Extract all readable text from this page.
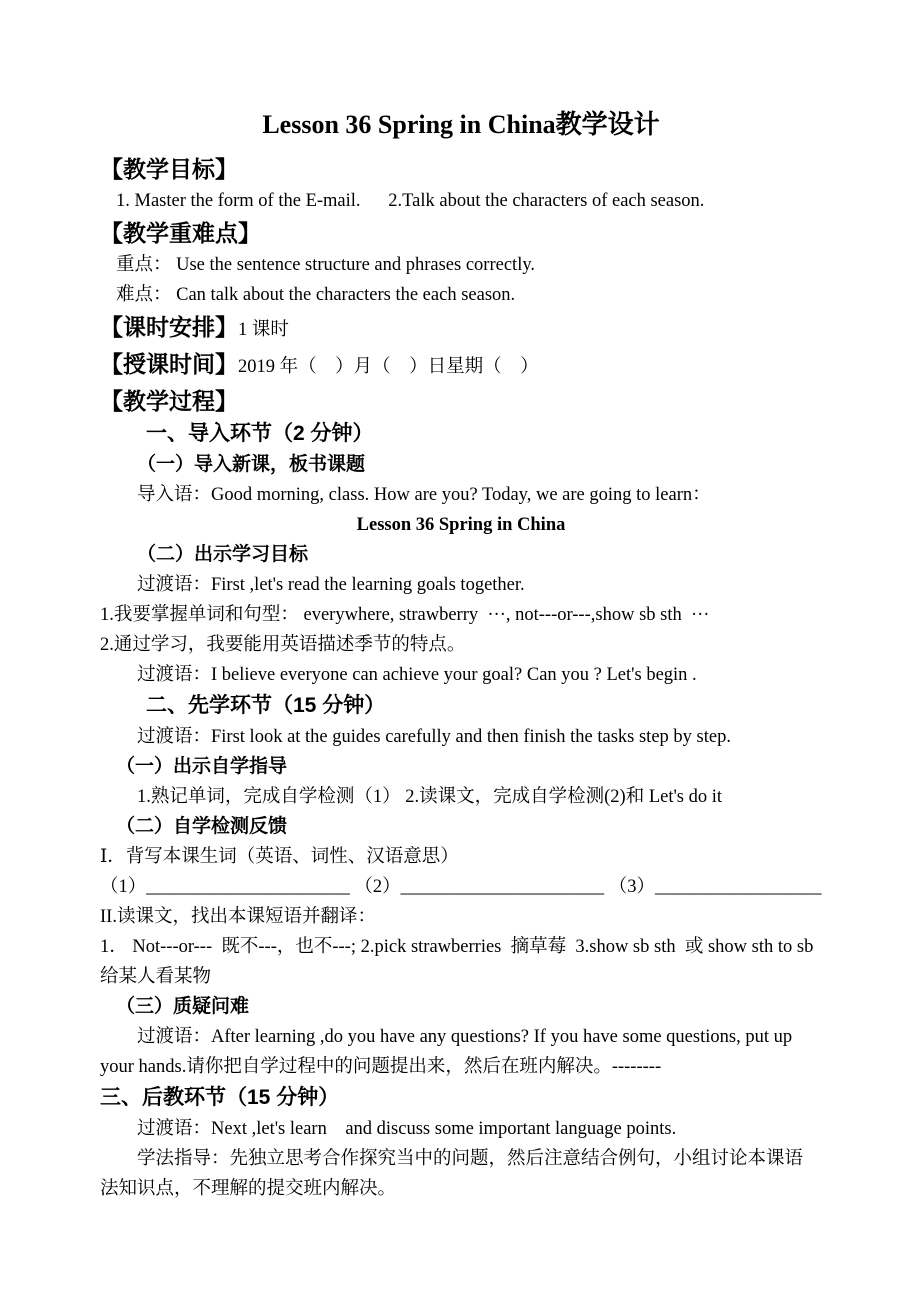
Lesson 36 Spring in China教学设计

【教学目标】

1. Master the form of the E-mail.      2.Talk about the characters of each season.

【教学重难点】

重点： Use the sentence structure and phrases correctly.

难点： Can talk about the characters the each season.

【课时安排】1 课时

【授课时间】2019 年（    ）月（    ）日星期（    ）

【教学过程】

一、导入环节（2 分钟）

（一）导入新课，板书课题

导入语：Good morning, class. How are you? Today, we are going to learn：

Lesson 36 Spring in China

（二）出示学习目标

过渡语：First ,let's read the learning goals together.

1.我要掌握单词和句型： everywhere, strawberry  ···, not---or---,show sb sth  ···

2.通过学习，我要能用英语描述季节的特点。

过渡语：I believe everyone can achieve your goal? Can you ? Let's begin .

二、先学环节（15 分钟）

过渡语：First look at the guides carefully and then finish the tasks step by step.

（一）出示自学指导

1.熟记单词，完成自学检测（1） 2.读课文，完成自学检测(2)和 Let's do it

（二）自学检测反馈

Ⅰ．背写本课生词（英语、词性、汉语意思）

（1）______________________ （2）______________________ （3）__________________

II.读课文，找出本课短语并翻译：

1． Not---or---  既不---，也不---; 2.pick strawberries  摘草莓  3.show sb sth  或 show sth to sb

给某人看某物

（三）质疑问难

过渡语：After learning ,do you have any questions? If you have some questions, put up

your hands.请你把自学过程中的问题提出来，然后在班内解决。--------

三、后教环节（15 分钟）

过渡语：Next ,let's learn    and discuss some important language points.

学法指导：先独立思考合作探究当中的问题，然后注意结合例句，小组讨论本课语

法知识点，不理解的提交班内解决。
